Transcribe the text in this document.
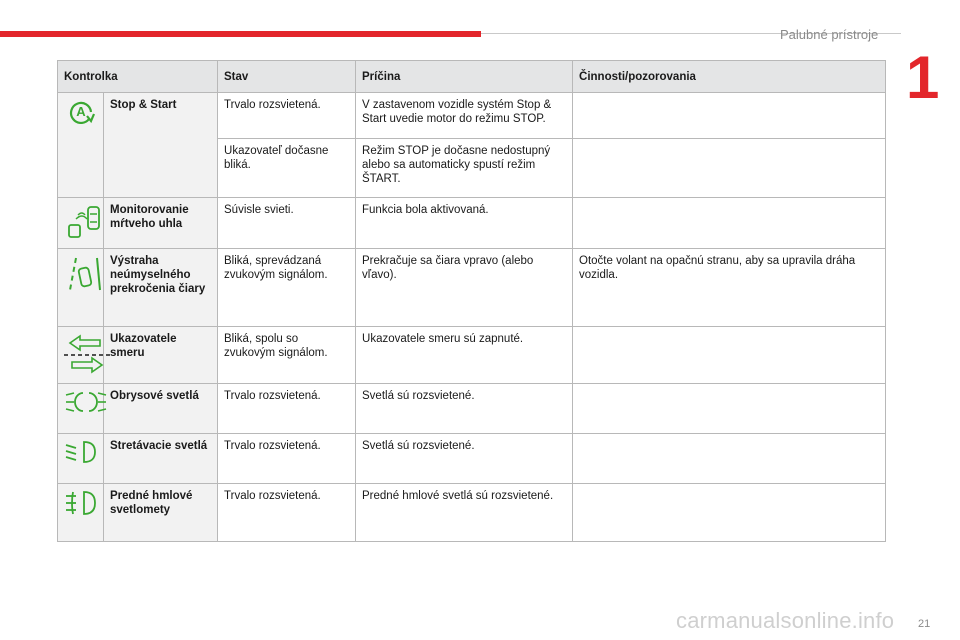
Palubné prístroje
1
Kontrolka		Stav	Príčina	Činnosti/pozorovania

A	Stop & Start	Trvalo rozsvietená.	V zastavenom vozidle systém Stop & Start uvedie motor do režimu STOP.	
		Ukazovateľ dočasne bliká.	Režim STOP je dočasne nedostupný alebo sa automaticky spustí režim ŠTART.	
	Monitorovanie mŕtveho uhla	Súvisle svieti.	Funkcia bola aktivovaná.	
	Výstraha neúmyselného prekročenia čiary	Bliká, sprevádzaná zvukovým signálom.	Prekračuje sa čiara vpravo (alebo vľavo).	Otočte volant na opačnú stranu, aby sa upravila dráha vozidla.
	Ukazovatele smeru	Bliká, spolu so zvukovým signálom.	Ukazovatele smeru sú zapnuté.	
	Obrysové svetlá	Trvalo rozsvietená.	Svetlá sú rozsvietené.	
	Stretávacie svetlá	Trvalo rozsvietená.	Svetlá sú rozsvietené.	
	Predné hmlové svetlomety	Trvalo rozsvietená.	Predné hmlové svetlá sú rozsvietené.	
carmanualsonline.info 21
